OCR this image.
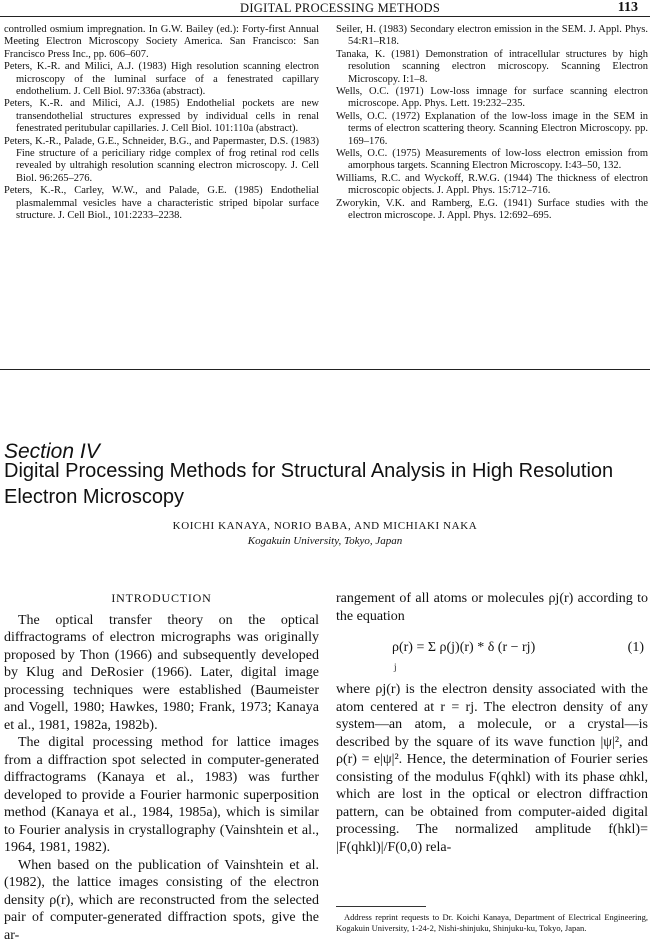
DIGITAL PROCESSING METHODS	113

controlled osmium impregnation. In G.W. Bailey (ed.): Forty-first Annual Meeting Electron Microscopy Society America. San Francisco: San Francisco Press Inc., pp. 606–607.

Peters, K.-R. and Milici, A.J. (1983) High resolution scanning electron microscopy of the luminal surface of a fenestrated capillary endothelium. J. Cell Biol. 97:336a (abstract).

Peters, K.-R. and Milici, A.J. (1985) Endothelial pockets are new transendothelial structures expressed by individual cells in renal fenestrated peritubular capillaries. J. Cell Biol. 101:110a (abstract).

Peters, K.-R., Palade, G.E., Schneider, B.G., and Papermaster, D.S. (1983) Fine structure of a periciliary ridge complex of frog retinal rod cells revealed by ultrahigh resolution scanning electron microscopy. J. Cell Biol. 96:265–276.

Peters, K.-R., Carley, W.W., and Palade, G.E. (1985) Endothelial plasmalemmal vesicles have a characteristic striped bipolar surface structure. J. Cell Biol., 101:2233–2238.

Seiler, H. (1983) Secondary electron emission in the SEM. J. Appl. Phys. 54:R1–R18.

Tanaka, K. (1981) Demonstration of intracellular structures by high resolution scanning electron microscopy. Scanning Electron Microscopy. I:1–8.

Wells, O.C. (1971) Low-loss imnage for surface scanning electron microscope. App. Phys. Lett. 19:232–235.

Wells, O.C. (1972) Explanation of the low-loss image in the SEM in terms of electron scattering theory. Scanning Electron Microscopy. pp. 169–176.

Wells, O.C. (1975) Measurements of low-loss electron emission from amorphous targets. Scanning Electron Microscopy. I:43–50, 132.

Williams, R.C. and Wyckoff, R.W.G. (1944) The thickness of electron microscopic objects. J. Appl. Phys. 15:712–716.

Zworykin, V.K. and Ramberg, E.G. (1941) Surface studies with the electron microscope. J. Appl. Phys. 12:692–695.

Section IV
Digital Processing Methods for Structural Analysis in High Resolution Electron Microscopy
KOICHI KANAYA, NORIO BABA, AND MICHIAKI NAKA
Kogakuin University, Tokyo, Japan
INTRODUCTION

The optical transfer theory on the optical diffractograms of electron micrographs was originally proposed by Thon (1966) and subsequently developed by Klug and DeRosier (1966). Later, digital image processing techniques were established (Baumeister and Vogell, 1980; Hawkes, 1980; Frank, 1973; Kanaya et al., 1981, 1982a, 1982b).

The digital processing method for lattice images from a diffraction spot selected in computer-generated diffractograms (Kanaya et al., 1983) was further developed to provide a Fourier harmonic superposition method (Kanaya et al., 1984, 1985a), which is similar to Fourier analysis in crystallography (Vainshtein et al., 1964, 1981, 1982).

When based on the publication of Vainshtein et al. (1982), the lattice images consisting of the electron density ρ(r), which are reconstructed from the selected pair of computer-generated diffraction spots, give the ar-

rangement of all atoms or molecules ρj(r) according to the equation

ρ(r) = Σ ρ(j)(r) * δ (r − rj)
j
(1)

where ρj(r) is the electron density associated with the atom centered at r = rj. The electron density of any system—an atom, a molecule, or a crystal—is described by the square of its wave function |ψ|², and ρ(r) = e|ψ|². Hence, the determination of Fourier series consisting of the modulus F(qhkl) with its phase αhkl, which are lost in the optical or electron diffraction pattern, can be obtained from computer-aided digital processing. The normalized amplitude f(hkl)= |F(qhkl)|/F(0,0) rela-

Address reprint requests to Dr. Koichi Kanaya, Department of Electrical Engineering, Kogakuin University, 1-24-2, Nishi-shinjuku, Shinjuku-ku, Tokyo, Japan.
